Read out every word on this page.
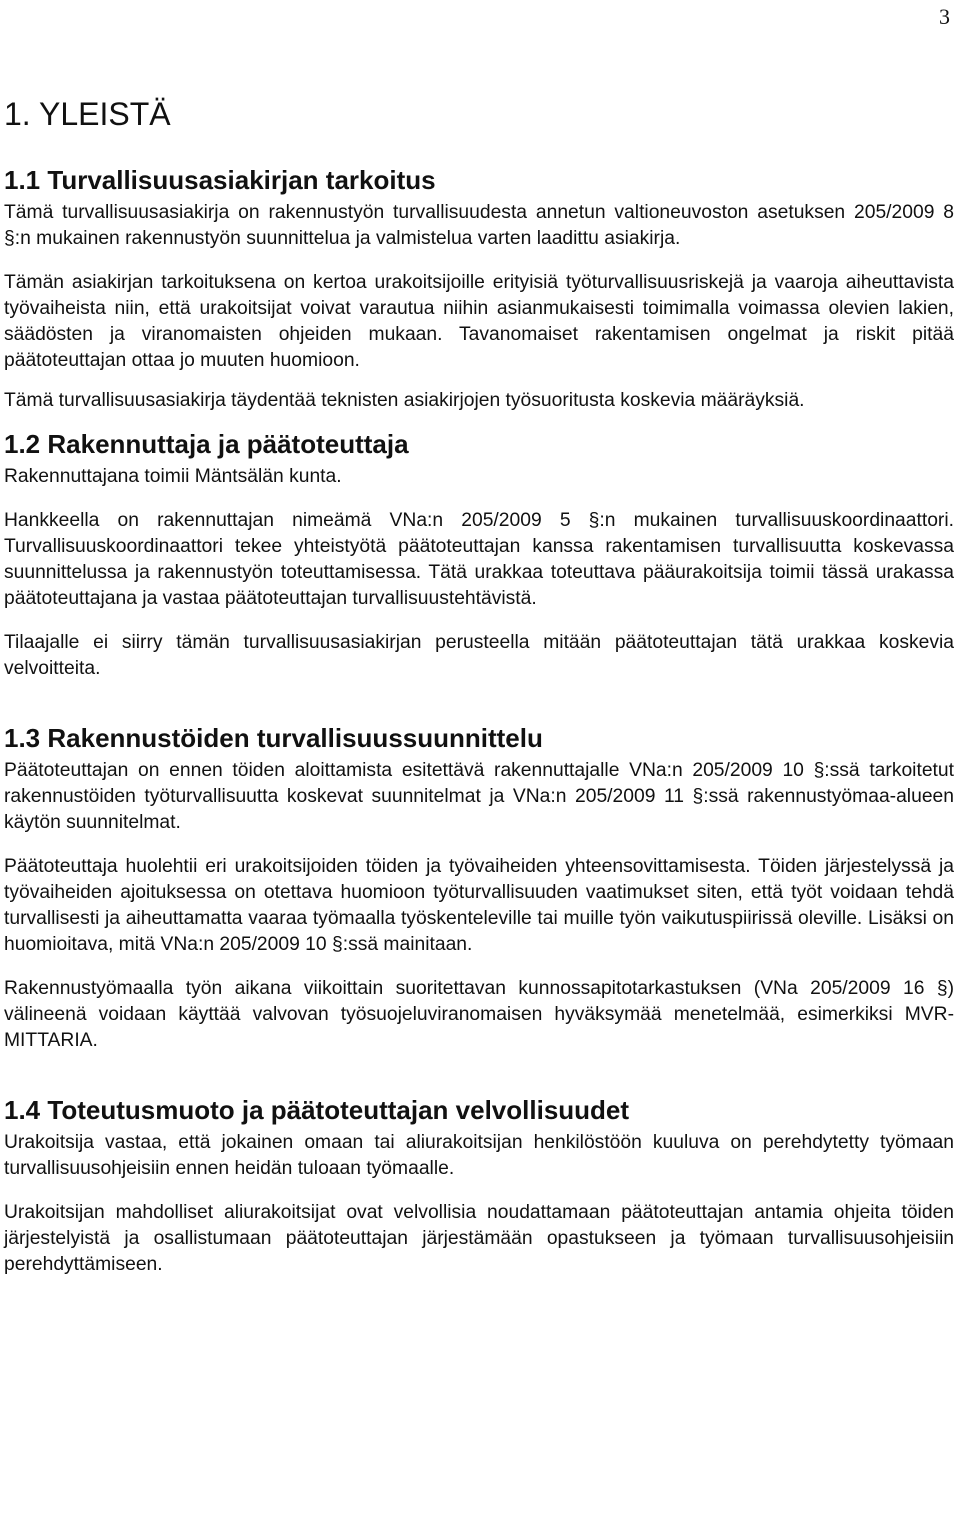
3
1. YLEISTÄ
1.1 Turvallisuusasiakirjan tarkoitus

Tämä turvallisuusasiakirja on rakennustyön turvallisuudesta annetun valtioneuvoston asetuksen 205/2009 8 §:n mukainen rakennustyön suunnittelua ja valmistelua varten laadittu asiakirja.

Tämän asiakirjan tarkoituksena on kertoa urakoitsijoille erityisiä työturvallisuusriskejä ja vaaroja aiheuttavista työvaiheista niin, että urakoitsijat voivat varautua niihin asianmukaisesti toimimalla voimassa olevien lakien, säädösten ja viranomaisten ohjeiden mukaan. Tavanomaiset rakentamisen ongelmat ja riskit pitää päätoteuttajan ottaa jo muuten huomioon.

Tämä turvallisuusasiakirja täydentää teknisten asiakirjojen työsuoritusta koskevia määräyksiä.

1.2 Rakennuttaja ja päätoteuttaja

Rakennuttajana toimii Mäntsälän kunta.

Hankkeella on rakennuttajan nimeämä VNa:n 205/2009 5 §:n mukainen turvallisuuskoordinaattori. Turvallisuuskoordinaattori tekee yhteistyötä päätoteuttajan kanssa rakentamisen turvallisuutta koskevassa suunnittelussa ja rakennustyön toteuttamisessa. Tätä urakkaa toteuttava pääurakoitsija toimii tässä urakassa päätoteuttajana ja vastaa päätoteuttajan turvallisuustehtävistä.

Tilaajalle ei siirry tämän turvallisuusasiakirjan perusteella mitään päätoteuttajan tätä urakkaa koskevia velvoitteita.

1.3 Rakennustöiden turvallisuussuunnittelu

Päätoteuttajan on ennen töiden aloittamista esitettävä rakennuttajalle VNa:n 205/2009 10 §:ssä tarkoitetut rakennustöiden työturvallisuutta koskevat suunnitelmat ja VNa:n 205/2009 11 §:ssä rakennustyömaa-alueen käytön suunnitelmat.

Päätoteuttaja huolehtii eri urakoitsijoiden töiden ja työvaiheiden yhteensovittamisesta. Töiden järjestelyssä ja työvaiheiden ajoituksessa on otettava huomioon työturvallisuuden vaatimukset siten, että työt voidaan tehdä turvallisesti ja aiheuttamatta vaaraa työmaalla työskenteleville tai muille työn vaikutuspiirissä oleville. Lisäksi on huomioitava, mitä VNa:n 205/2009 10 §:ssä mainitaan.

Rakennustyömaalla työn aikana viikoittain suoritettavan kunnossapitotarkastuksen (VNa 205/2009 16 §) välineenä voidaan käyttää valvovan työsuojeluviranomaisen hyväksymää menetelmää, esimerkiksi MVR-MITTARIA.

1.4 Toteutusmuoto ja päätoteuttajan velvollisuudet

Urakoitsija vastaa, että jokainen omaan tai aliurakoitsijan henkilöstöön kuuluva on perehdytetty työmaan turvallisuusohjeisiin ennen heidän tuloaan työmaalle.

Urakoitsijan mahdolliset aliurakoitsijat ovat velvollisia noudattamaan päätoteuttajan antamia ohjeita töiden järjestelyistä ja osallistumaan päätoteuttajan järjestämään opastukseen ja työmaan turvallisuusohjeisiin perehdyttämiseen.
